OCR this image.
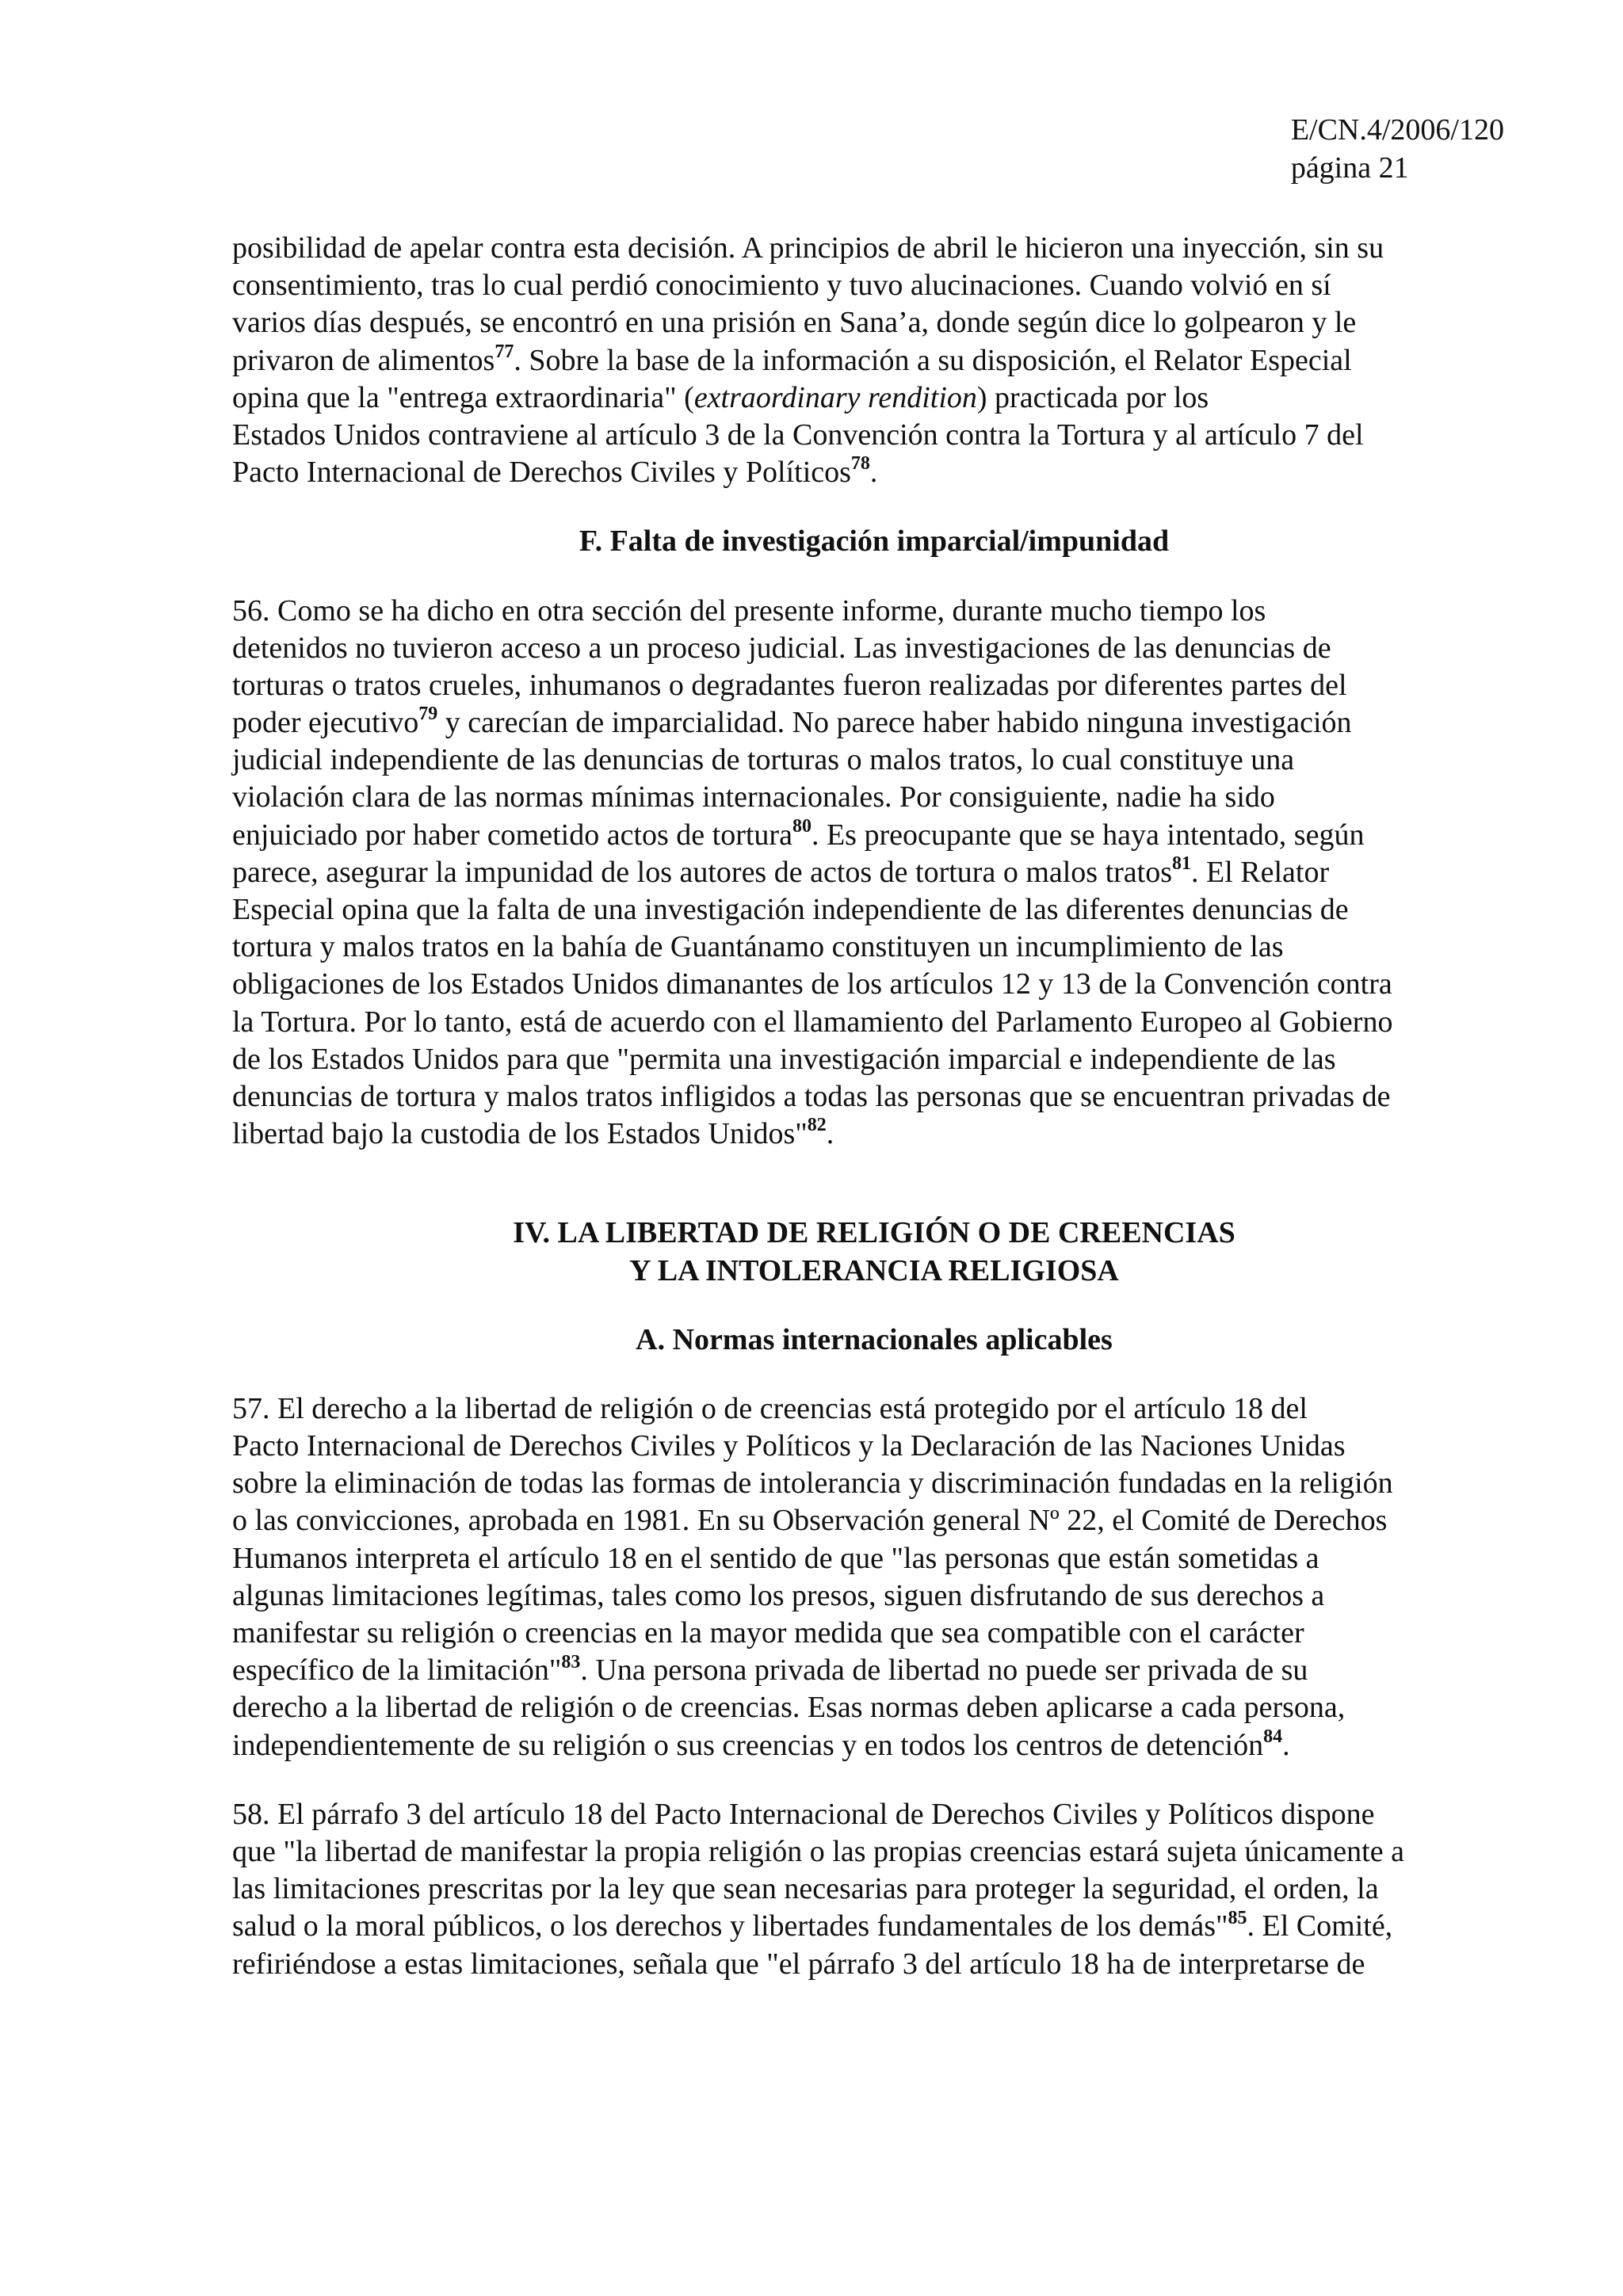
E/CN.4/2006/120
página 21
posibilidad de apelar contra esta decisión. A principios de abril le hicieron una inyección, sin su
consentimiento, tras lo cual perdió conocimiento y tuvo alucinaciones. Cuando volvió en sí
varios días después, se encontró en una prisión en Sana’a, donde según dice lo golpearon y le
privaron de alimentos$^{77}$. Sobre la base de la información a su disposición, el Relator Especial
opina que la "entrega extraordinaria" (extraordinary rendition) practicada por los
Estados Unidos contraviene al artículo 3 de la Convención contra la Tortura y al artículo 7 del
Pacto Internacional de Derechos Civiles y Políticos$^{78}$.
F. Falta de investigación imparcial/impunidad
56. Como se ha dicho en otra sección del presente informe, durante mucho tiempo los
detenidos no tuvieron acceso a un proceso judicial. Las investigaciones de las denuncias de
torturas o tratos crueles, inhumanos o degradantes fueron realizadas por diferentes partes del
poder ejecutivo$^{79}$ y carecían de imparcialidad. No parece haber habido ninguna investigación
judicial independiente de las denuncias de torturas o malos tratos, lo cual constituye una
violación clara de las normas mínimas internacionales. Por consiguiente, nadie ha sido
enjuiciado por haber cometido actos de tortura$^{80}$. Es preocupante que se haya intentado, según
parece, asegurar la impunidad de los autores de actos de tortura o malos tratos$^{81}$. El Relator
Especial opina que la falta de una investigación independiente de las diferentes denuncias de
tortura y malos tratos en la bahía de Guantánamo constituyen un incumplimiento de las
obligaciones de los Estados Unidos dimanantes de los artículos 12 y 13 de la Convención contra
la Tortura. Por lo tanto, está de acuerdo con el llamamiento del Parlamento Europeo al Gobierno
de los Estados Unidos para que "permita una investigación imparcial e independiente de las
denuncias de tortura y malos tratos infligidos a todas las personas que se encuentran privadas de
libertad bajo la custodia de los Estados Unidos"$^{82}$.
IV. LA LIBERTAD DE RELIGIÓN O DE CREENCIAS
Y LA INTOLERANCIA RELIGIOSA
A. Normas internacionales aplicables
57. El derecho a la libertad de religión o de creencias está protegido por el artículo 18 del
Pacto Internacional de Derechos Civiles y Políticos y la Declaración de las Naciones Unidas
sobre la eliminación de todas las formas de intolerancia y discriminación fundadas en la religión
o las convicciones, aprobada en 1981. En su Observación general Nº 22, el Comité de Derechos
Humanos interpreta el artículo 18 en el sentido de que "las personas que están sometidas a
algunas limitaciones legítimas, tales como los presos, siguen disfrutando de sus derechos a
manifestar su religión o creencias en la mayor medida que sea compatible con el carácter
específico de la limitación"$^{83}$. Una persona privada de libertad no puede ser privada de su
derecho a la libertad de religión o de creencias. Esas normas deben aplicarse a cada persona,
independientemente de su religión o sus creencias y en todos los centros de detención$^{84}$.
58. El párrafo 3 del artículo 18 del Pacto Internacional de Derechos Civiles y Políticos dispone
que "la libertad de manifestar la propia religión o las propias creencias estará sujeta únicamente a
las limitaciones prescritas por la ley que sean necesarias para proteger la seguridad, el orden, la
salud o la moral públicos, o los derechos y libertades fundamentales de los demás"$^{85}$. El Comité,
refiriéndose a estas limitaciones, señala que "el párrafo 3 del artículo 18 ha de interpretarse de
